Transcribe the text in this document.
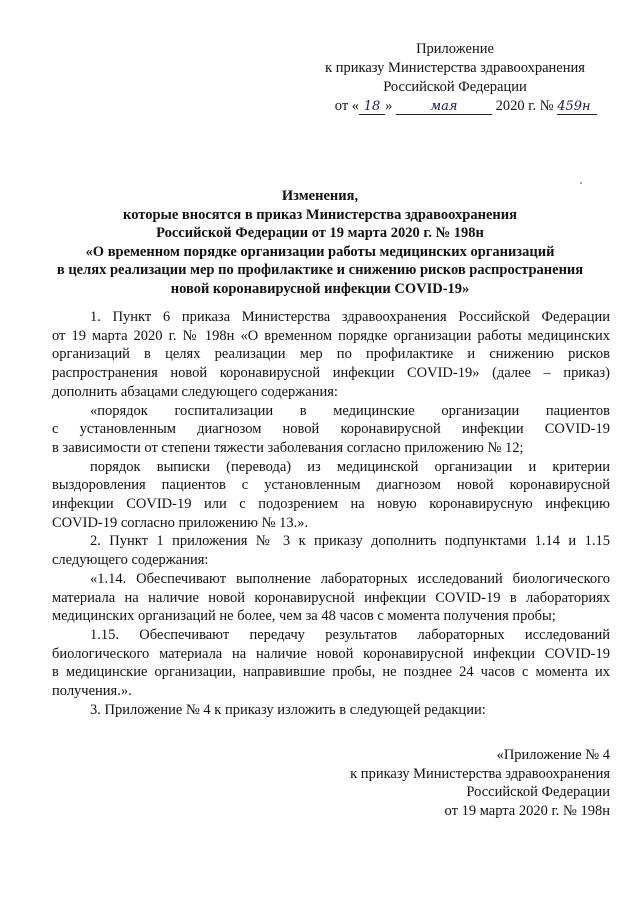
Приложение
к приказу Министерства здравоохранения
Российской Федерации
от « 18 »	мая	2020 г. № 459н
Изменения,
которые вносятся в приказ Министерства здравоохранения
Российской Федерации от 19 марта 2020 г. № 198н
«О временном порядке организации работы медицинских организаций
в целях реализации мер по профилактике и снижению рисков распространения
новой коронавирусной инфекции COVID-19»
1. Пункт 6 приказа Министерства здравоохранения Российской Федерации
от 19 марта 2020 г. № 198н «О временном порядке организации работы медицинских
организаций в целях реализации мер по профилактике и снижению рисков
распространения новой коронавирусной инфекции COVID-19» (далее – приказ)
дополнить абзацами следующего содержания:
«порядок госпитализации в медицинские организации пациентов
с установленным диагнозом новой коронавирусной инфекции COVID-19
в зависимости от степени тяжести заболевания согласно приложению № 12;
порядок выписки (перевода) из медицинской организации и критерии
выздоровления пациентов с установленным диагнозом новой коронавирусной
инфекции COVID-19 или с подозрением на новую коронавирусную инфекцию
COVID-19 согласно приложению № 13.».
2. Пункт 1 приложения № 3 к приказу дополнить подпунктами 1.14 и 1.15
следующего содержания:
«1.14. Обеспечивают выполнение лабораторных исследований биологического
материала на наличие новой коронавирусной инфекции COVID-19 в лабораториях
медицинских организаций не более, чем за 48 часов с момента получения пробы;
1.15. Обеспечивают передачу результатов лабораторных исследований
биологического материала на наличие новой коронавирусной инфекции COVID-19
в медицинские организации, направившие пробы, не позднее 24 часов с момента их
получения.».
3. Приложение № 4 к приказу изложить в следующей редакции:
«Приложение № 4
к приказу Министерства здравоохранения
Российской Федерации
от 19 марта 2020 г. № 198н
